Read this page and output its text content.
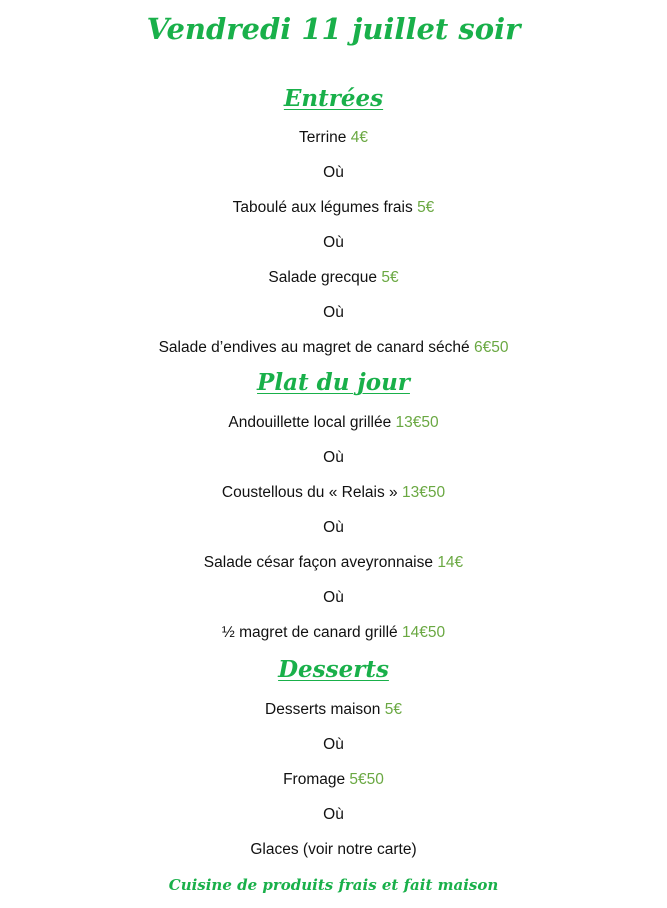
Vendredi 11 juillet soir
Entrées
Terrine 4€
Où
Taboulé aux légumes frais 5€
Où
Salade grecque 5€
Où
Salade d’endives au magret de canard séché 6€50
Plat du jour
Andouillette local grillée 13€50
Où
Coustellous du « Relais » 13€50
Où
Salade césar façon aveyronnaise 14€
Où
½ magret de canard grillé 14€50
Desserts
Desserts maison 5€
Où
Fromage 5€50
Où
Glaces (voir notre carte)
Cuisine de produits frais et fait maison
